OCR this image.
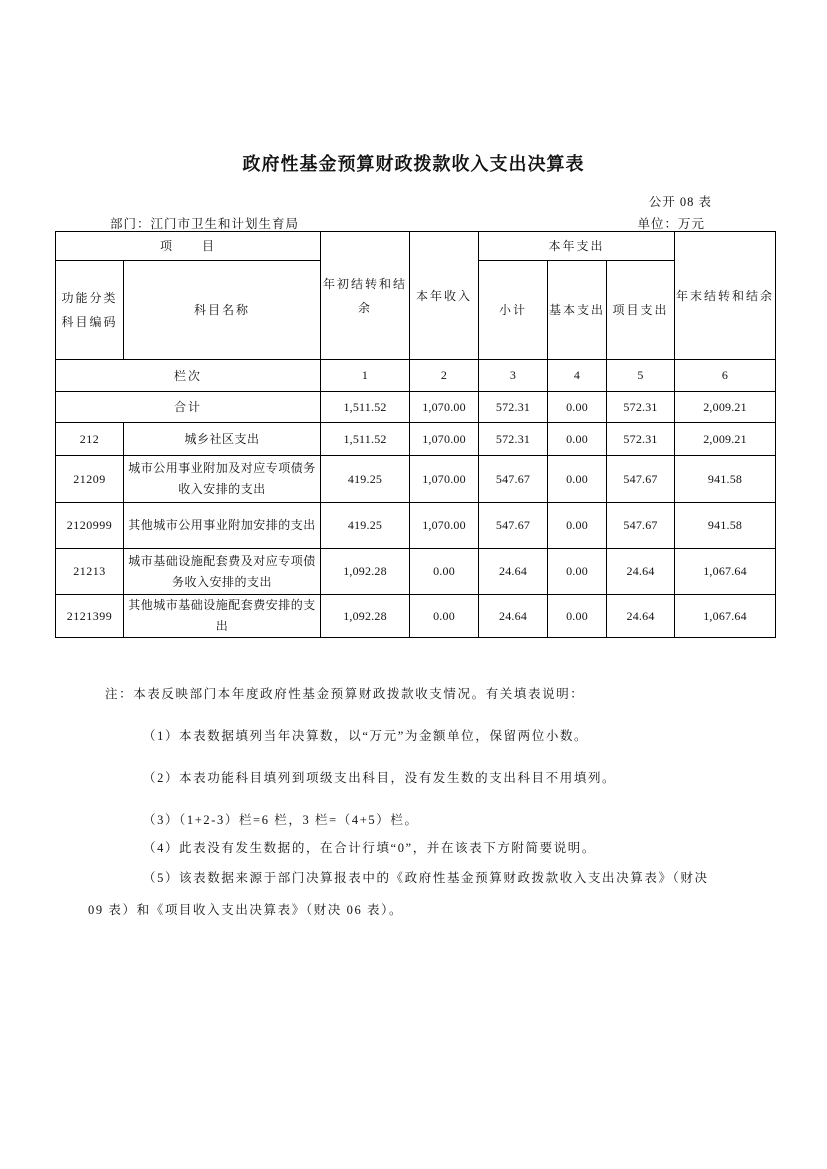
政府性基金预算财政拨款收入支出决算表
公开 08 表
部门：江门市卫生和计划生育局	单位：万元
项　　目		年初结转和结余	本年收入	本年支出			年末结转和结余
功能分类科目编码	科目名称			小计	基本支出	项目支出	
栏次		1	2	3	4	5	6
合计		1,511.52	1,070.00	572.31	0.00	572.31	2,009.21
212	城乡社区支出	1,511.52	1,070.00	572.31	0.00	572.31	2,009.21
21209	城市公用事业附加及对应专项债务收入安排的支出	419.25	1,070.00	547.67	0.00	547.67	941.58
2120999	其他城市公用事业附加安排的支出	419.25	1,070.00	547.67	0.00	547.67	941.58
21213	城市基础设施配套费及对应专项债务收入安排的支出	1,092.28	0.00	24.64	0.00	24.64	1,067.64
2121399	其他城市基础设施配套费安排的支出	1,092.28	0.00	24.64	0.00	24.64	1,067.64

注：本表反映部门本年度政府性基金预算财政拨款收支情况。有关填表说明：

（1）本表数据填列当年决算数，以“万元”为金额单位，保留两位小数。

（2）本表功能科目填列到项级支出科目，没有发生数的支出科目不用填列。

（3）（1+2-3）栏=6 栏，3 栏=（4+5）栏。

（4）此表没有发生数据的，在合计行填“0”，并在该表下方附简要说明。

（5）该表数据来源于部门决算报表中的《政府性基金预算财政拨款收入支出决算表》（财决

09 表）和《项目收入支出决算表》（财决 06 表）。
